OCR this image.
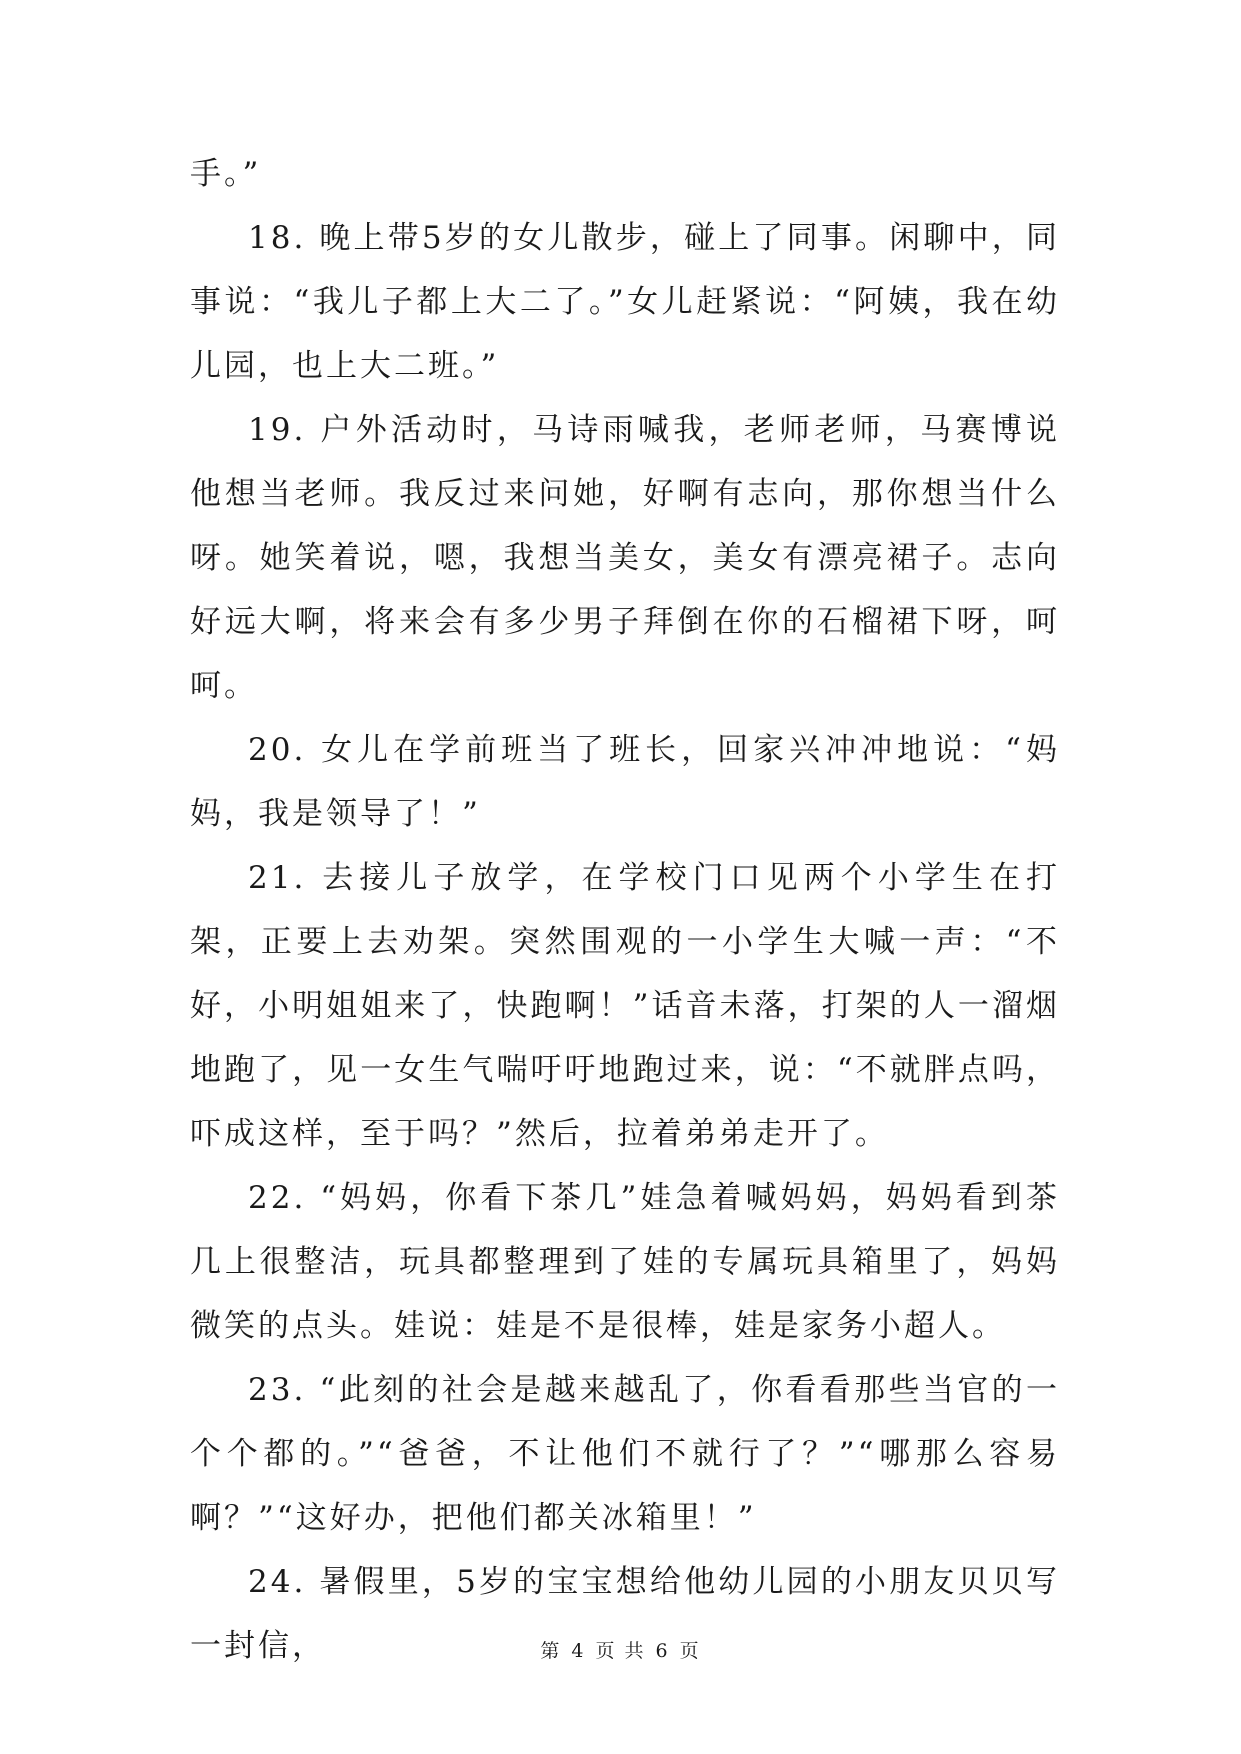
手。”

18. 晚上带5岁的女儿散步，碰上了同事。闲聊中，同事说：“我儿子都上大二了。”女儿赶紧说：“阿姨，我在幼儿园，也上大二班。”

19. 户外活动时，马诗雨喊我，老师老师，马赛博说他想当老师。我反过来问她，好啊有志向，那你想当什么呀。她笑着说，嗯，我想当美女，美女有漂亮裙子。志向好远大啊，将来会有多少男子拜倒在你的石榴裙下呀，呵呵。

20. 女儿在学前班当了班长，回家兴冲冲地说：“妈妈，我是领导了！”

21. 去接儿子放学，在学校门口见两个小学生在打架，正要上去劝架。突然围观的一小学生大喊一声：“不好，小明姐姐来了，快跑啊！”话音未落，打架的人一溜烟地跑了，见一女生气喘吁吁地跑过来，说：“不就胖点吗，吓成这样，至于吗？”然后，拉着弟弟走开了。

22. “妈妈，你看下茶几”娃急着喊妈妈，妈妈看到茶几上很整洁，玩具都整理到了娃的专属玩具箱里了，妈妈微笑的点头。娃说：娃是不是很棒，娃是家务小超人。

23. “此刻的社会是越来越乱了，你看看那些当官的一个个都的。”“爸爸，不让他们不就行了？”“哪那么容易啊？”“这好办，把他们都关冰箱里！”

24. 暑假里，5岁的宝宝想给他幼儿园的小朋友贝贝写一封信，	第 4 页 共 6 页
